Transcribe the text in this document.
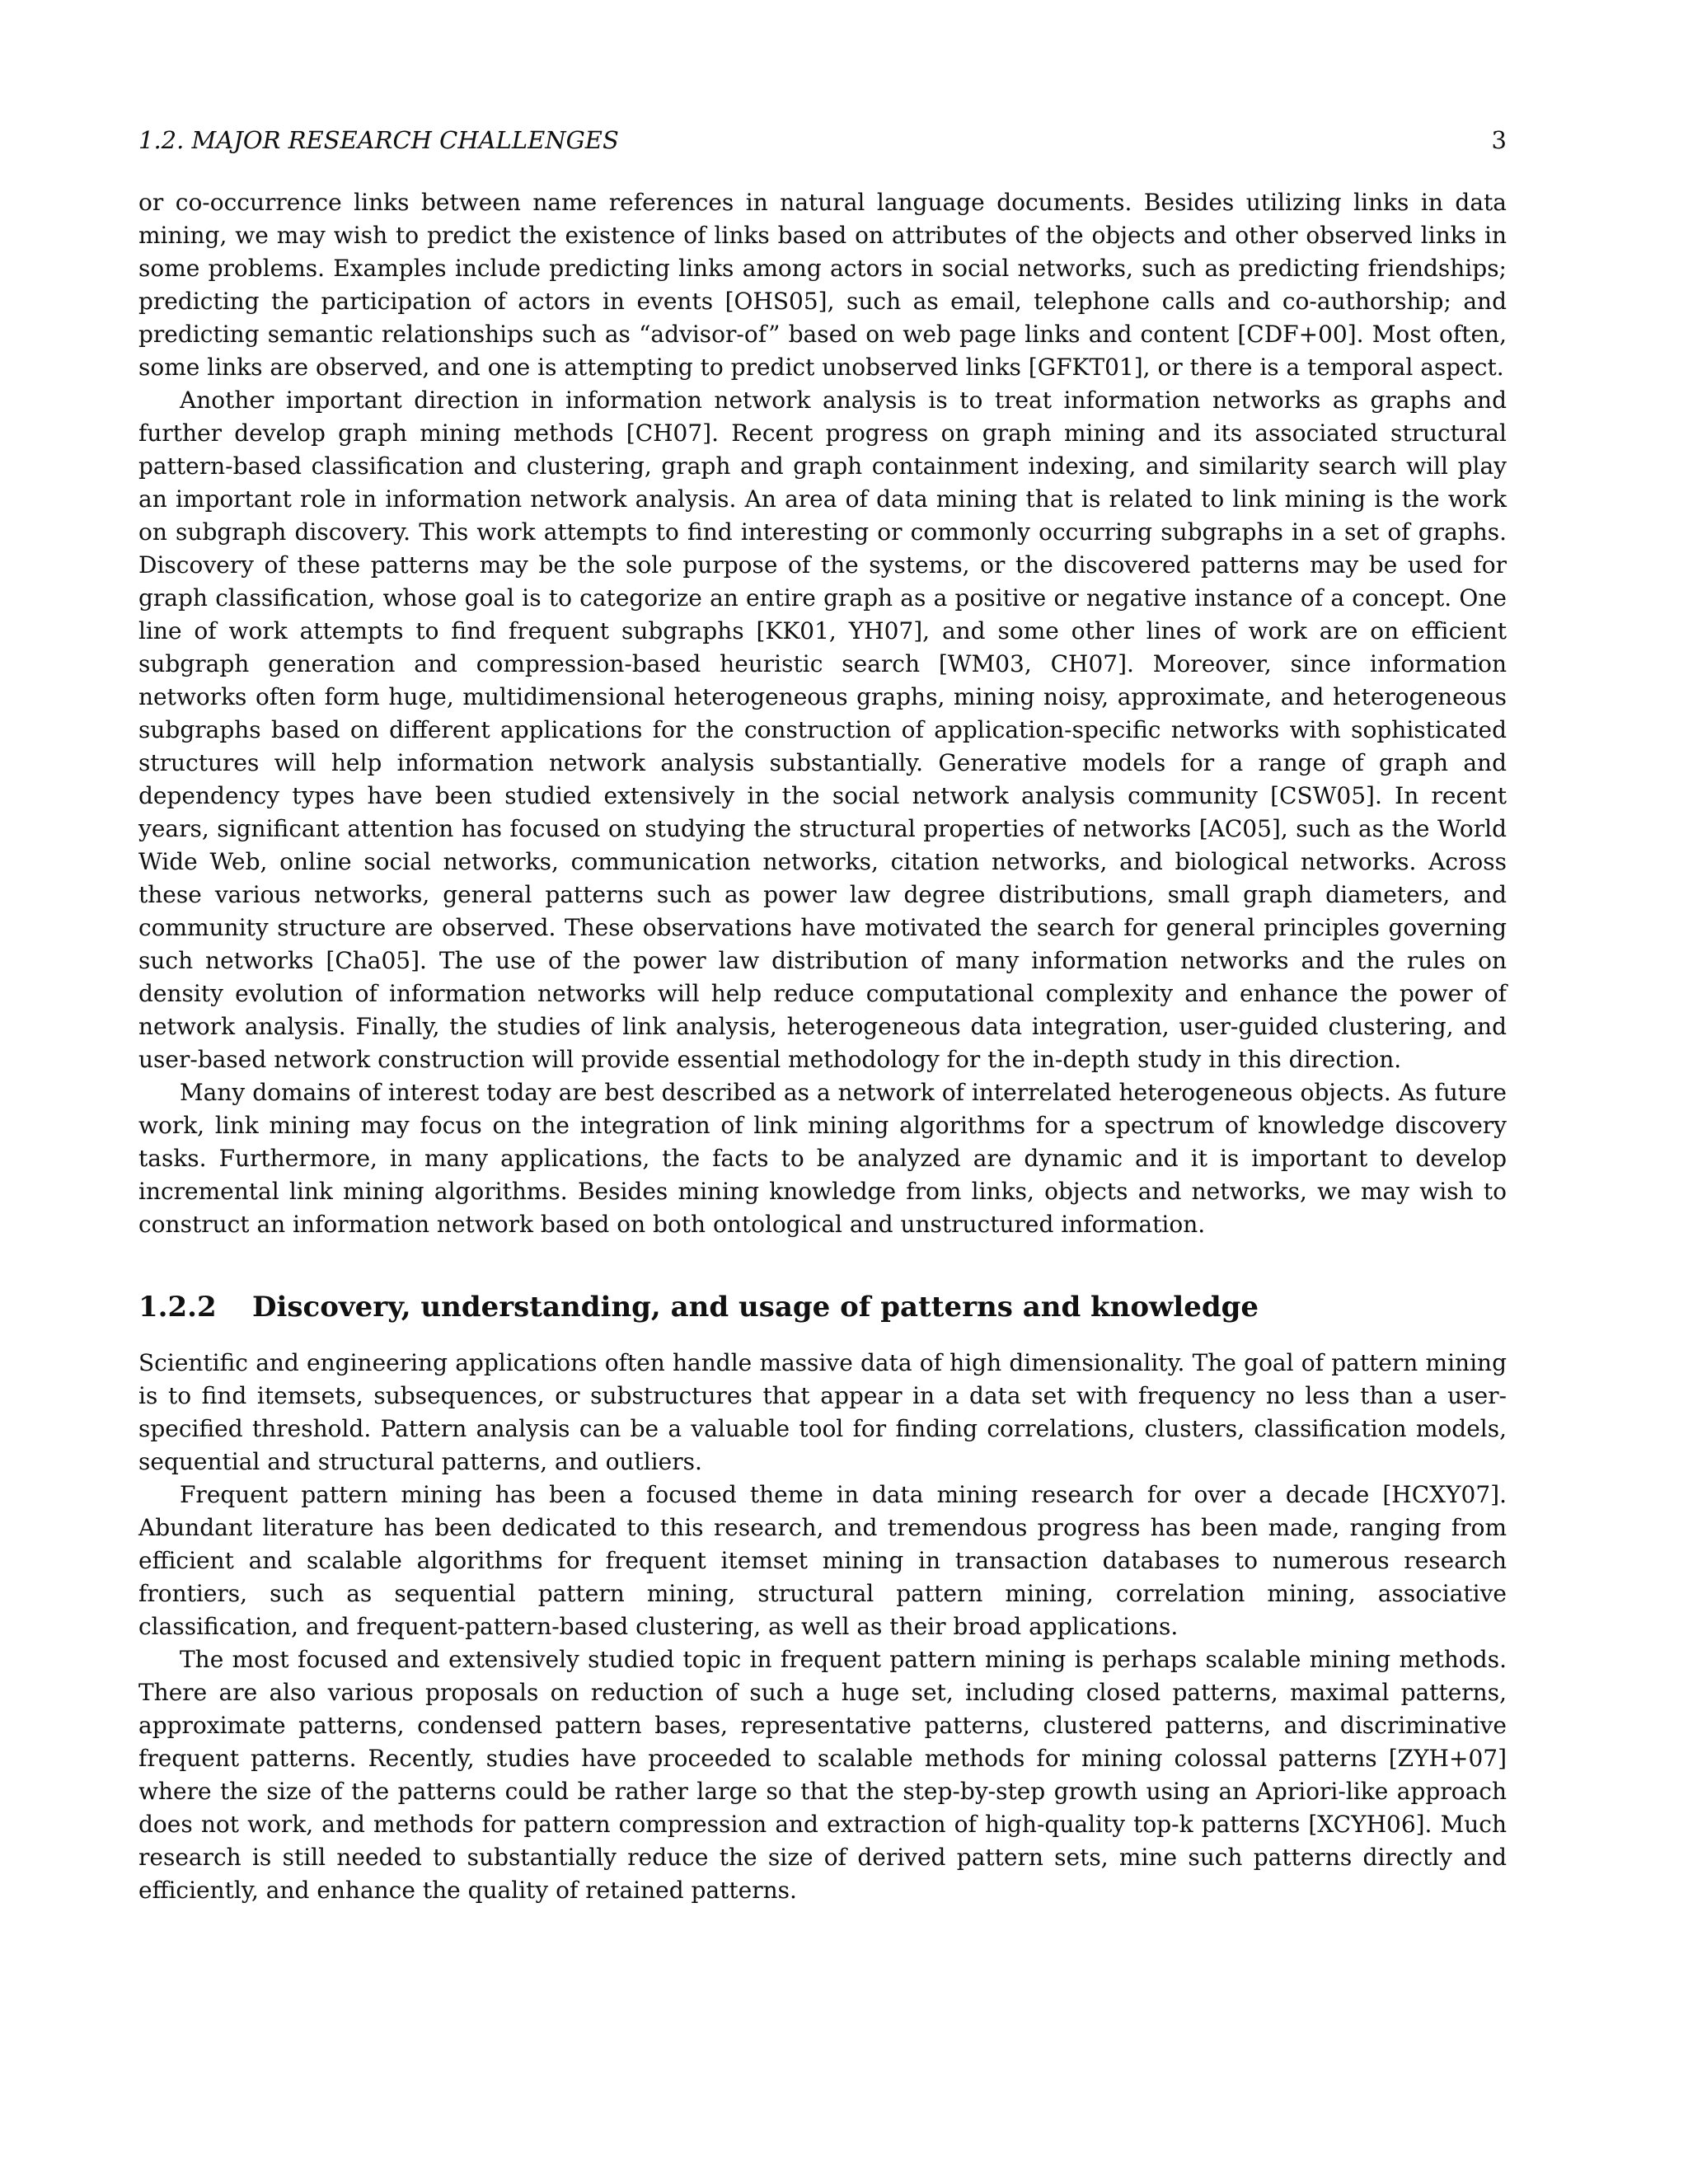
1.2. MAJOR RESEARCH CHALLENGES	3

or co-occurrence links between name references in natural language documents. Besides utilizing links in data mining, we may wish to predict the existence of links based on attributes of the objects and other observed links in some problems. Examples include predicting links among actors in social networks, such as predicting friendships; predicting the participation of actors in events [OHS05], such as email, telephone calls and co-authorship; and predicting semantic relationships such as “advisor-of” based on web page links and content [CDF+00]. Most often, some links are observed, and one is attempting to predict unobserved links [GFKT01], or there is a temporal aspect.

Another important direction in information network analysis is to treat information networks as graphs and further develop graph mining methods [CH07]. Recent progress on graph mining and its associated structural pattern-based classification and clustering, graph and graph containment indexing, and similarity search will play an important role in information network analysis. An area of data mining that is related to link mining is the work on subgraph discovery. This work attempts to find interesting or commonly occurring subgraphs in a set of graphs. Discovery of these patterns may be the sole purpose of the systems, or the discovered patterns may be used for graph classification, whose goal is to categorize an entire graph as a positive or negative instance of a concept. One line of work attempts to find frequent subgraphs [KK01, YH07], and some other lines of work are on efficient subgraph generation and compression-based heuristic search [WM03, CH07]. Moreover, since information networks often form huge, multidimensional heterogeneous graphs, mining noisy, approximate, and heterogeneous subgraphs based on different applications for the construction of application-specific networks with sophisticated structures will help information network analysis substantially. Generative models for a range of graph and dependency types have been studied extensively in the social network analysis community [CSW05]. In recent years, significant attention has focused on studying the structural properties of networks [AC05], such as the World Wide Web, online social networks, communication networks, citation networks, and biological networks. Across these various networks, general patterns such as power law degree distributions, small graph diameters, and community structure are observed. These observations have motivated the search for general principles governing such networks [Cha05]. The use of the power law distribution of many information networks and the rules on density evolution of information networks will help reduce computational complexity and enhance the power of network analysis. Finally, the studies of link analysis, heterogeneous data integration, user-guided clustering, and user-based network construction will provide essential methodology for the in-depth study in this direction.

Many domains of interest today are best described as a network of interrelated heterogeneous objects. As future work, link mining may focus on the integration of link mining algorithms for a spectrum of knowledge discovery tasks. Furthermore, in many applications, the facts to be analyzed are dynamic and it is important to develop incremental link mining algorithms. Besides mining knowledge from links, objects and networks, we may wish to construct an information network based on both ontological and unstructured information.

1.2.2	Discovery, understanding, and usage of patterns and knowledge

Scientific and engineering applications often handle massive data of high dimensionality. The goal of pattern mining is to find itemsets, subsequences, or substructures that appear in a data set with frequency no less than a user-specified threshold. Pattern analysis can be a valuable tool for finding correlations, clusters, classification models, sequential and structural patterns, and outliers.

Frequent pattern mining has been a focused theme in data mining research for over a decade [HCXY07]. Abundant literature has been dedicated to this research, and tremendous progress has been made, ranging from efficient and scalable algorithms for frequent itemset mining in transaction databases to numerous research frontiers, such as sequential pattern mining, structural pattern mining, correlation mining, associative classification, and frequent-pattern-based clustering, as well as their broad applications.

The most focused and extensively studied topic in frequent pattern mining is perhaps scalable mining methods. There are also various proposals on reduction of such a huge set, including closed patterns, maximal patterns, approximate patterns, condensed pattern bases, representative patterns, clustered patterns, and discriminative frequent patterns. Recently, studies have proceeded to scalable methods for mining colossal patterns [ZYH+07] where the size of the patterns could be rather large so that the step-by-step growth using an Apriori-like approach does not work, and methods for pattern compression and extraction of high-quality top-k patterns [XCYH06]. Much research is still needed to substantially reduce the size of derived pattern sets, mine such patterns directly and efficiently, and enhance the quality of retained patterns.
